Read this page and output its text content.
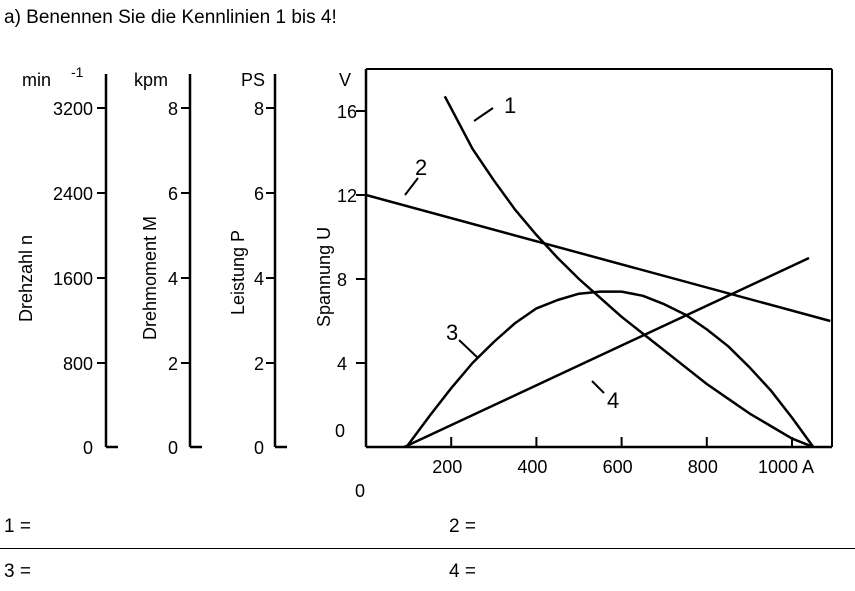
a) Benennen Sie die Kennlinien 1 bis 4!
3200
2400
1600
800
0
min -1
Drehzahl n
8
6
4
2
0
kpm
Drehmoment M
8
6
4
2
0
PS
Leistung P
200	400	600	800 1000 A
0
16
12
8
4
0
V
Spannung U
1
2
3
4
1 =	2 =
3 =	4 =
